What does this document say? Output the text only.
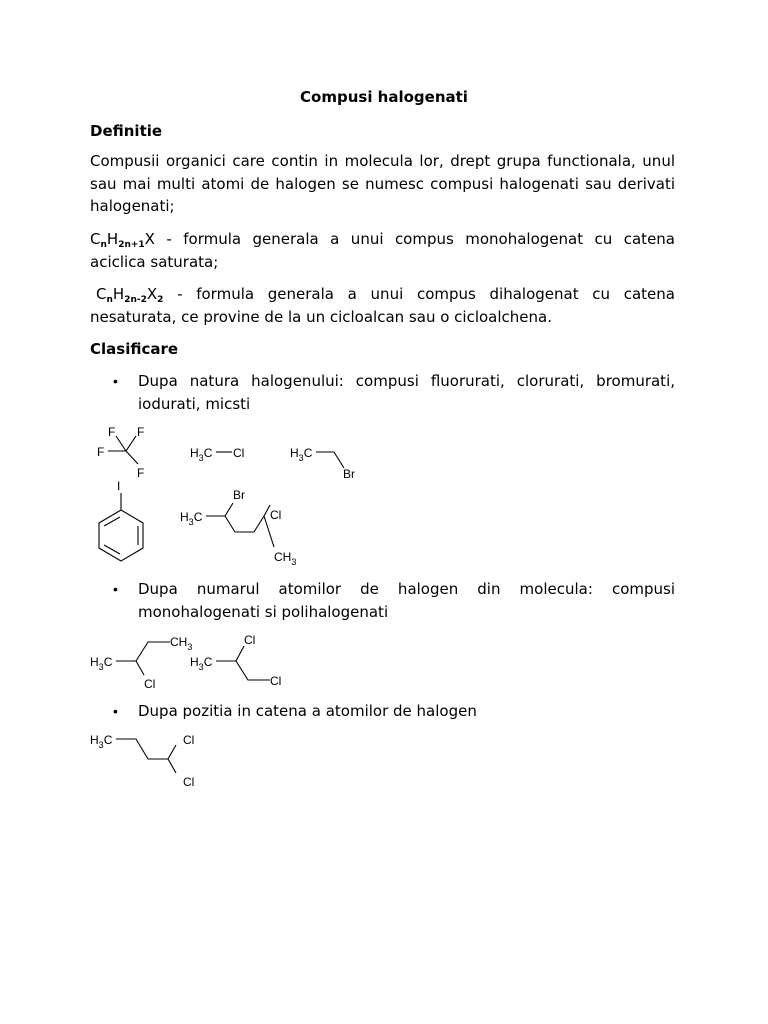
Compusi halogenati
Definitie
Compusii organici care contin in molecula lor, drept grupa functionala, unul sau mai multi atomi de halogen se numesc compusi halogenati sau derivati halogenati;
$C_nH_{2n+1}X$ - formula generala a unui compus monohalogenat cu catena aciclica saturata;
$C_nH_{2n-2}X_2$ - formula generala a unui compus dihalogenat cu catena nesaturata, ce provine de la un cicloalcan sau o cicloalchena.
Clasificare
• Dupa natura halogenului: compusi fluorurati, clorurati, bromurati, iodurati, micsti
F F
F
F
$H_3C$ Cl	$H_3C$
Br
I
$H_3C$
Br
Cl
$CH_3$
• Dupa numarul atomilor de halogen din molecula: compusi monohalogenati si polihalogenati
$H_3C$
$CH_3$
Cl
$H_3C$
Cl
Cl
• Dupa pozitia in catena a atomilor de halogen
$H_3C$	Cl
Cl
